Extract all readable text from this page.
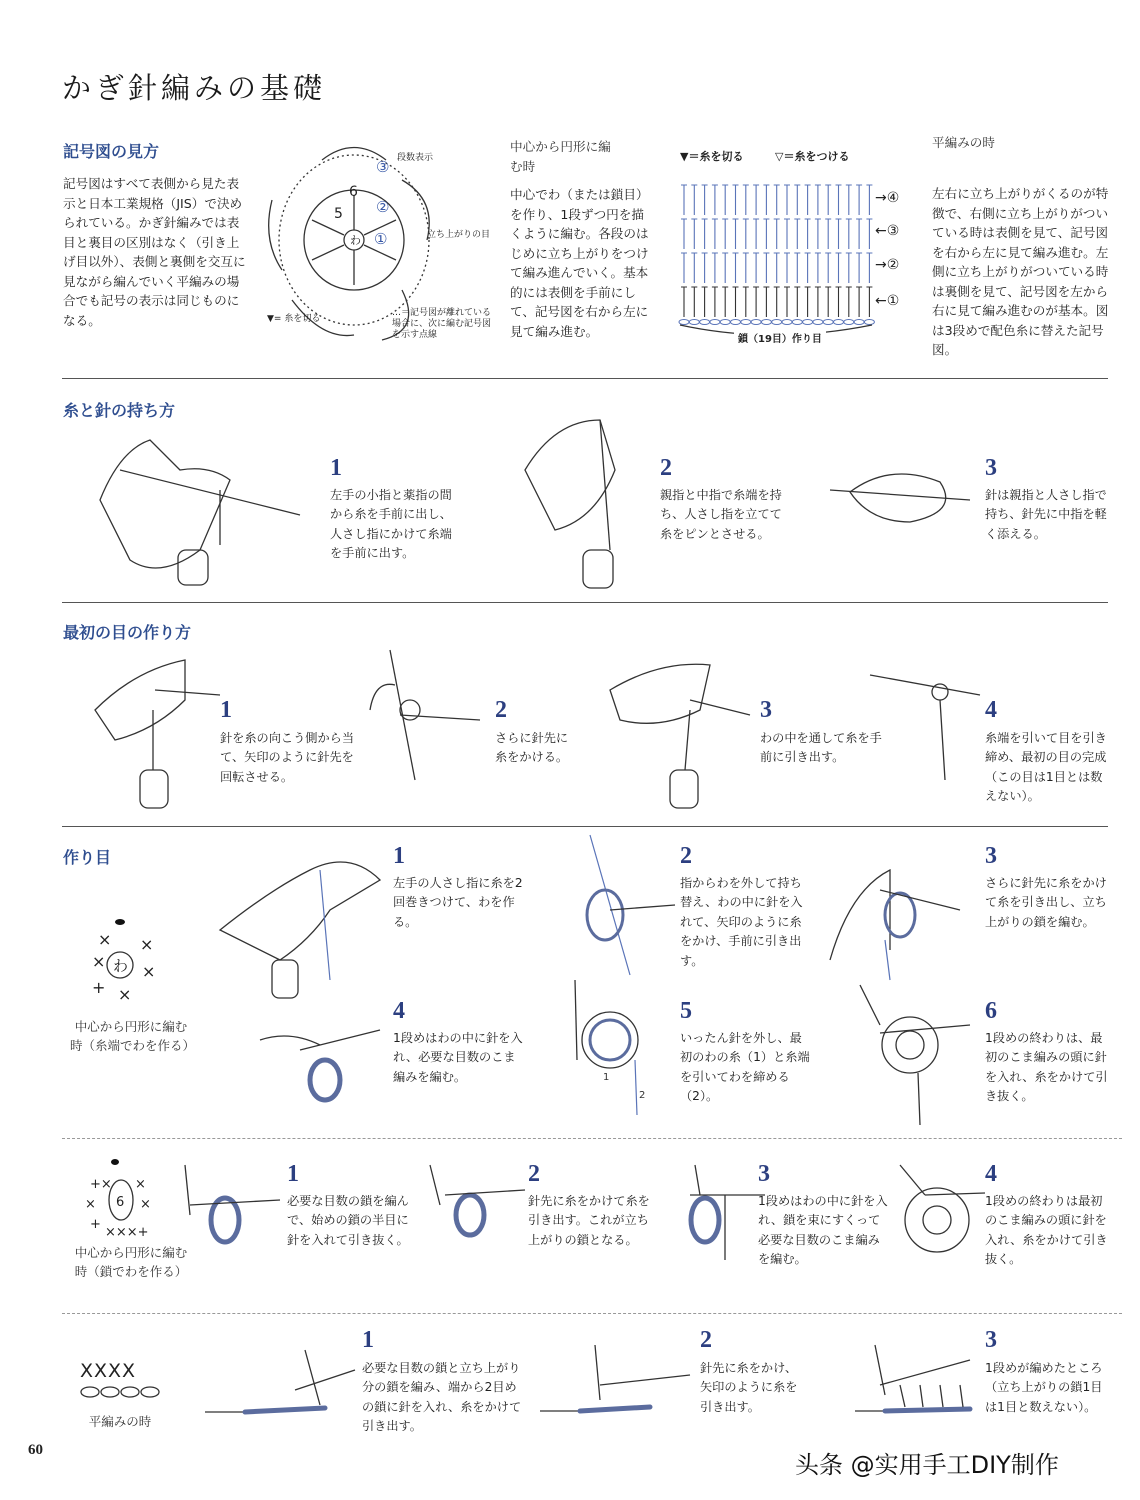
かぎ針編みの基礎
記号図の見方
記号図はすべて表側から見た表示と日本工業規格（JIS）で決められている。かぎ針編みでは表目と裏目の区別はなく（引き上げ目以外）、表側と裏側を交互に見ながら編んでいく平編みの場合でも記号の表示は同じものになる。
わ
5
6
①
②
③ 段数表示
立ち上がりの目
▼= 糸を切る
…＝記号図が離れている場合に、次に編む記号図を示す点線
中心から円形に編む時
中心でわ（または鎖目）を作り、1段ずつ円を描くように編む。各段のはじめに立ち上がりをつけて編み進んでいく。基本的には表側を手前にして、記号図を右から左に見て編み進む。
▼＝糸を切る	▽＝糸をつける
→④
←③
→②
←①
鎖（19目）作り目
平編みの時
左右に立ち上がりがくるのが特徴で、右側に立ち上がりがついている時は表側を見て、記号図を右から左に見て編み進む。左側に立ち上がりがついている時は裏側を見て、記号図を左から右に見て編み進むのが基本。図は3段めで配色糸に替えた記号図。
糸と針の持ち方
1
左手の小指と薬指の間から糸を手前に出し、人さし指にかけて糸端を手前に出す。
2
親指と中指で糸端を持ち、人さし指を立てて糸をピンとさせる。
3
針は親指と人さし指で持ち、針先に中指を軽く添える。
最初の目の作り方
1
針を糸の向こう側から当て、矢印のように針先を回転させる。
2
さらに針先に糸をかける。
3
わの中を通して糸を手前に引き出す。
4
糸端を引いて目を引き締め、最初の目の完成（この目は1目とは数えない）。
作り目
わ
×
×
×
×
+ ×
中心から円形に編む時（糸端でわを作る）
1
2
1
左手の人さし指に糸を2回巻きつけて、わを作る。
2
指からわを外して持ち替え、わの中に針を入れて、矢印のように糸をかけ、手前に引き出す。
3
さらに針先に糸をかけて糸を引き出し、立ち上がりの鎖を編む。
4
1段めはわの中に針を入れ、必要な目数のこま編みを編む。
5
いったん針を外し、最初のわの糸（1）と糸端を引いてわを締める（2）。
6
1段めの終わりは、最初のこま編みの頭に針を入れ、糸をかけて引き抜く。
6
+× ×
×	×
+
×××+
中心から円形に編む時（鎖でわを作る）
1
必要な目数の鎖を編んで、始めの鎖の半目に針を入れて引き抜く。
2
針先に糸をかけて糸を引き出す。これが立ち上がりの鎖となる。
3
1段めはわの中に針を入れ、鎖を束にすくって必要な目数のこま編みを編む。
4
1段めの終わりは最初のこま編みの頭に針を入れ、糸をかけて引き抜く。
XXXX
平編みの時
1
必要な目数の鎖と立ち上がり分の鎖を編み、端から2目めの鎖に針を入れ、糸をかけて引き出す。
2
針先に糸をかけ、矢印のように糸を引き出す。
3
1段めが編めたところ（立ち上がりの鎖1目は1目と数えない）。
60
头条 @实用手工DIY制作
